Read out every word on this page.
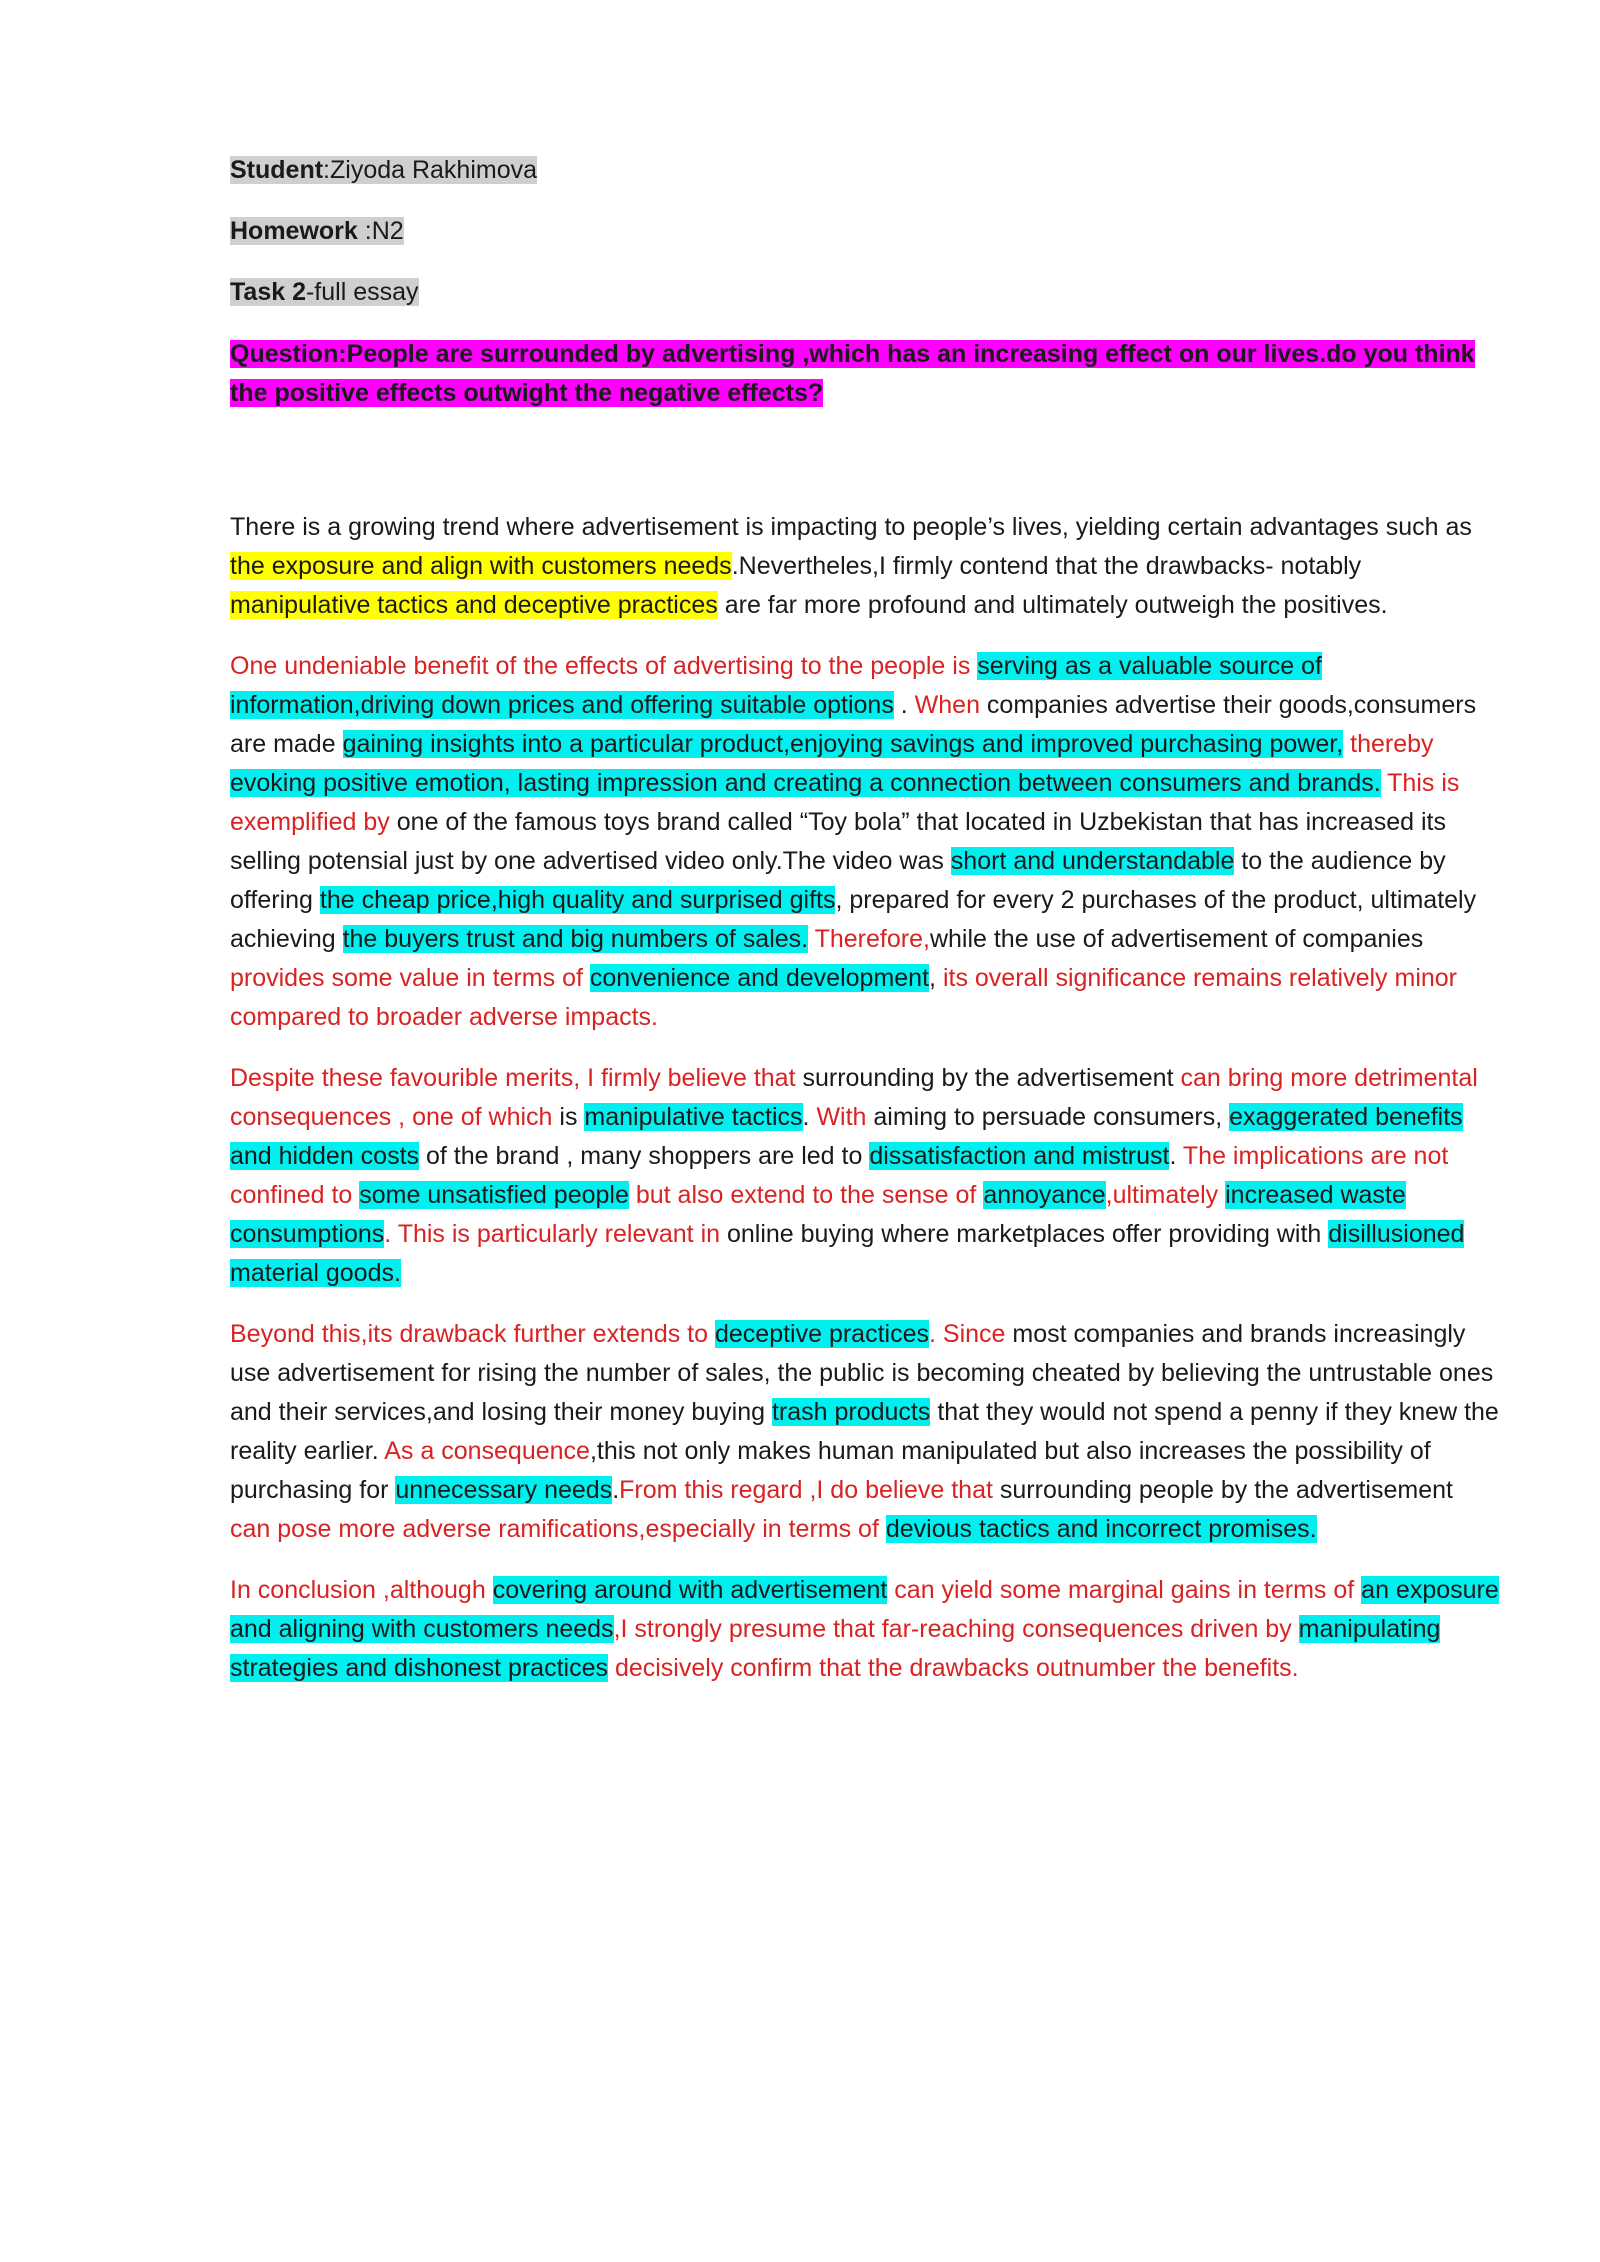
Student:Ziyoda Rakhimova

Homework :N2

Task 2-full essay

Question:People are surrounded by advertising ,which has an increasing effect on our lives.do you think the positive effects outwight the negative effects?

There is a growing trend where advertisement is impacting to people’s lives, yielding certain advantages such as the exposure and align with customers needs.Nevertheles,I firmly contend that the drawbacks- notably manipulative tactics and deceptive practices are far more profound and ultimately outweigh the positives.

One undeniable benefit of the effects of advertising to the people is serving as a valuable source of information,driving down prices and offering suitable options . When companies advertise their goods,consumers are made gaining insights into a particular product,enjoying savings and improved purchasing power, thereby evoking positive emotion, lasting impression and creating a connection between consumers and brands. This is exemplified by one of the famous toys brand called “Toy bola” that located in Uzbekistan that has increased its selling potensial just by one advertised video only.The video was short and understandable to the audience by offering the cheap price,high quality and surprised gifts, prepared for every 2 purchases of the product, ultimately achieving the buyers trust and big numbers of sales. Therefore,while the use of advertisement of companies provides some value in terms of convenience and development, its overall significance remains relatively minor compared to broader adverse impacts.

Despite these favourible merits, I firmly believe that surrounding by the advertisement can bring more detrimental consequences , one of which is manipulative tactics. With aiming to persuade consumers, exaggerated benefits and hidden costs of the brand , many shoppers are led to dissatisfaction and mistrust. The implications are not confined to some unsatisfied people but also extend to the sense of annoyance,ultimately increased waste consumptions. This is particularly relevant in online buying where marketplaces offer providing with disillusioned material goods.

Beyond this,its drawback further extends to deceptive practices. Since most companies and brands increasingly use advertisement for rising the number of sales, the public is becoming cheated by believing the untrustable ones and their services,and losing their money buying trash products that they would not spend a penny if they knew the reality earlier. As a consequence,this not only makes human manipulated but also increases the possibility of purchasing for unnecessary needs.From this regard ,I do believe that surrounding people by the advertisement can pose more adverse ramifications,especially in terms of devious tactics and incorrect promises.

In conclusion ,although covering around with advertisement can yield some marginal gains in terms of an exposure and aligning with customers needs,I strongly presume that far-reaching consequences driven by manipulating strategies and dishonest practices decisively confirm that the drawbacks outnumber the benefits.
